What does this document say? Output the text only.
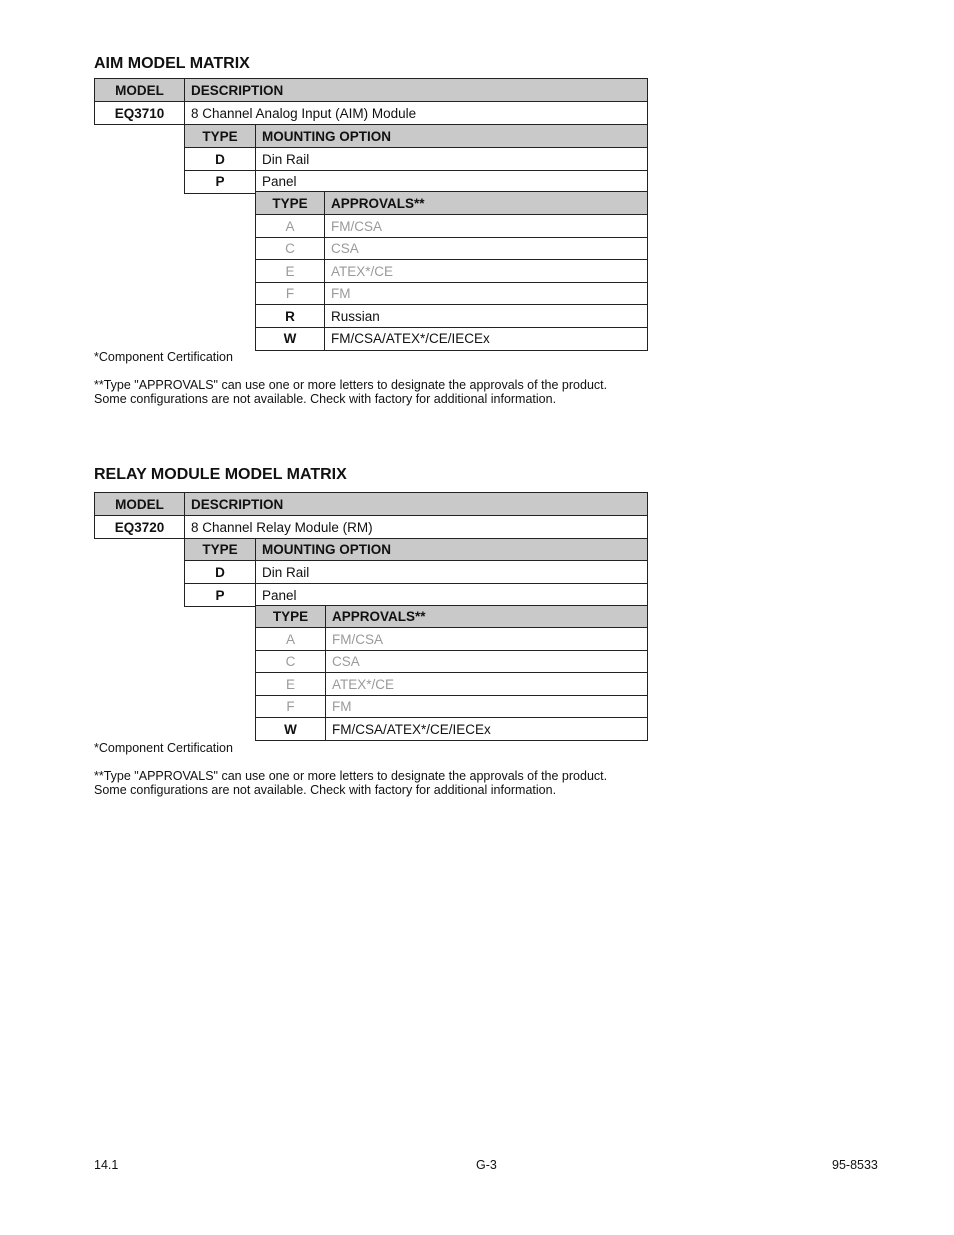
AIM MODEL MATRIX
MODEL	DESCRIPTION
EQ3710	8 Channel Analog Input (AIM) Module
TYPE	MOUNTING OPTION
D	Din Rail
P	Panel
TYPE	APPROVALS**
A	FM/CSA
C	CSA
E	ATEX*/CE
F	FM
R	Russian
W	FM/CSA/ATEX*/CE/IECEx

*Component Certification

**Type "APPROVALS" can use one or more letters to designate the approvals of the product.

Some configurations are not available. Check with factory for additional information.

RELAY MODULE MODEL MATRIX
MODEL	DESCRIPTION
EQ3720	8 Channel Relay Module (RM)
TYPE	MOUNTING OPTION
D	Din Rail
P	Panel
TYPE	APPROVALS**
A	FM/CSA
C	CSA
E	ATEX*/CE
F	FM
W	FM/CSA/ATEX*/CE/IECEx

*Component Certification

**Type "APPROVALS" can use one or more letters to designate the approvals of the product.

Some configurations are not available. Check with factory for additional information.

14.1	G-3	95-8533
